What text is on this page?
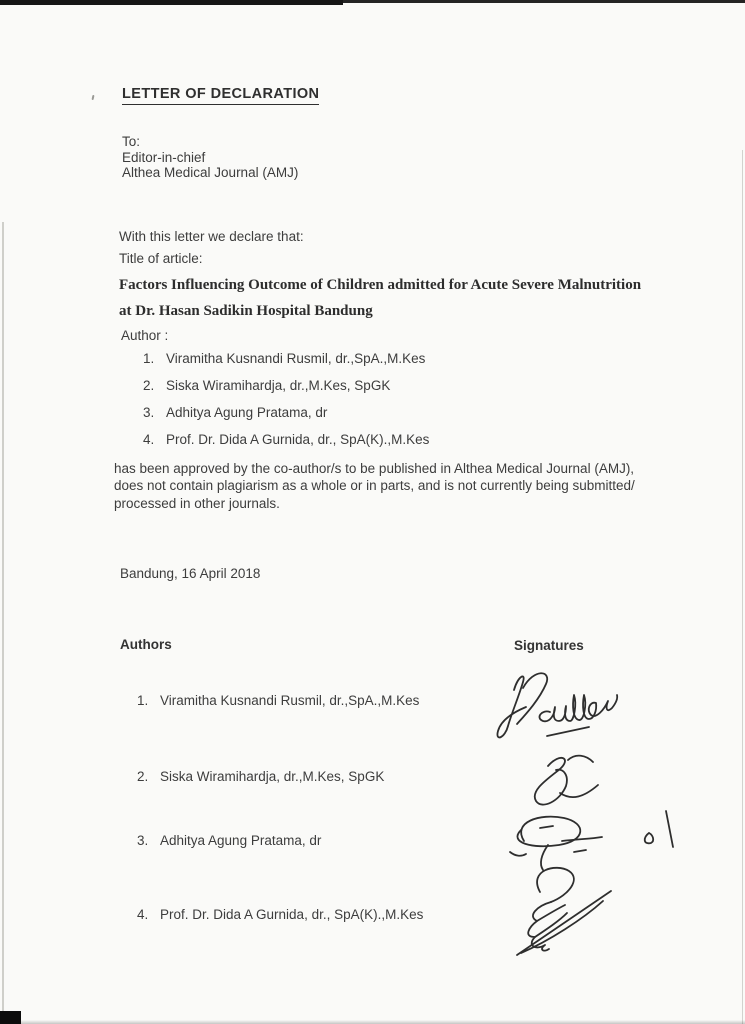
LETTER OF DECLARATION
To:
Editor-in-chief
Althea Medical Journal (AMJ)
With this letter we declare that:
Title of article:
Factors Influencing Outcome of Children admitted for Acute Severe Malnutrition
at Dr. Hasan Sadikin Hospital Bandung
Author :
1. Viramitha Kusnandi Rusmil, dr.,SpA.,M.Kes
2. Siska Wiramihardja, dr.,M.Kes, SpGK
3. Adhitya Agung Pratama, dr
4. Prof. Dr. Dida A Gurnida, dr., SpA(K).,M.Kes
has been approved by the co-author/s to be published in Althea Medical Journal (AMJ),
does not contain plagiarism as a whole or in parts, and is not currently being submitted/
processed in other journals.
Bandung, 16 April 2018
Authors	Signatures
1. Viramitha Kusnandi Rusmil, dr.,SpA.,M.Kes
2. Siska Wiramihardja, dr.,M.Kes, SpGK
3. Adhitya Agung Pratama, dr
4. Prof. Dr. Dida A Gurnida, dr., SpA(K).,M.Kes
